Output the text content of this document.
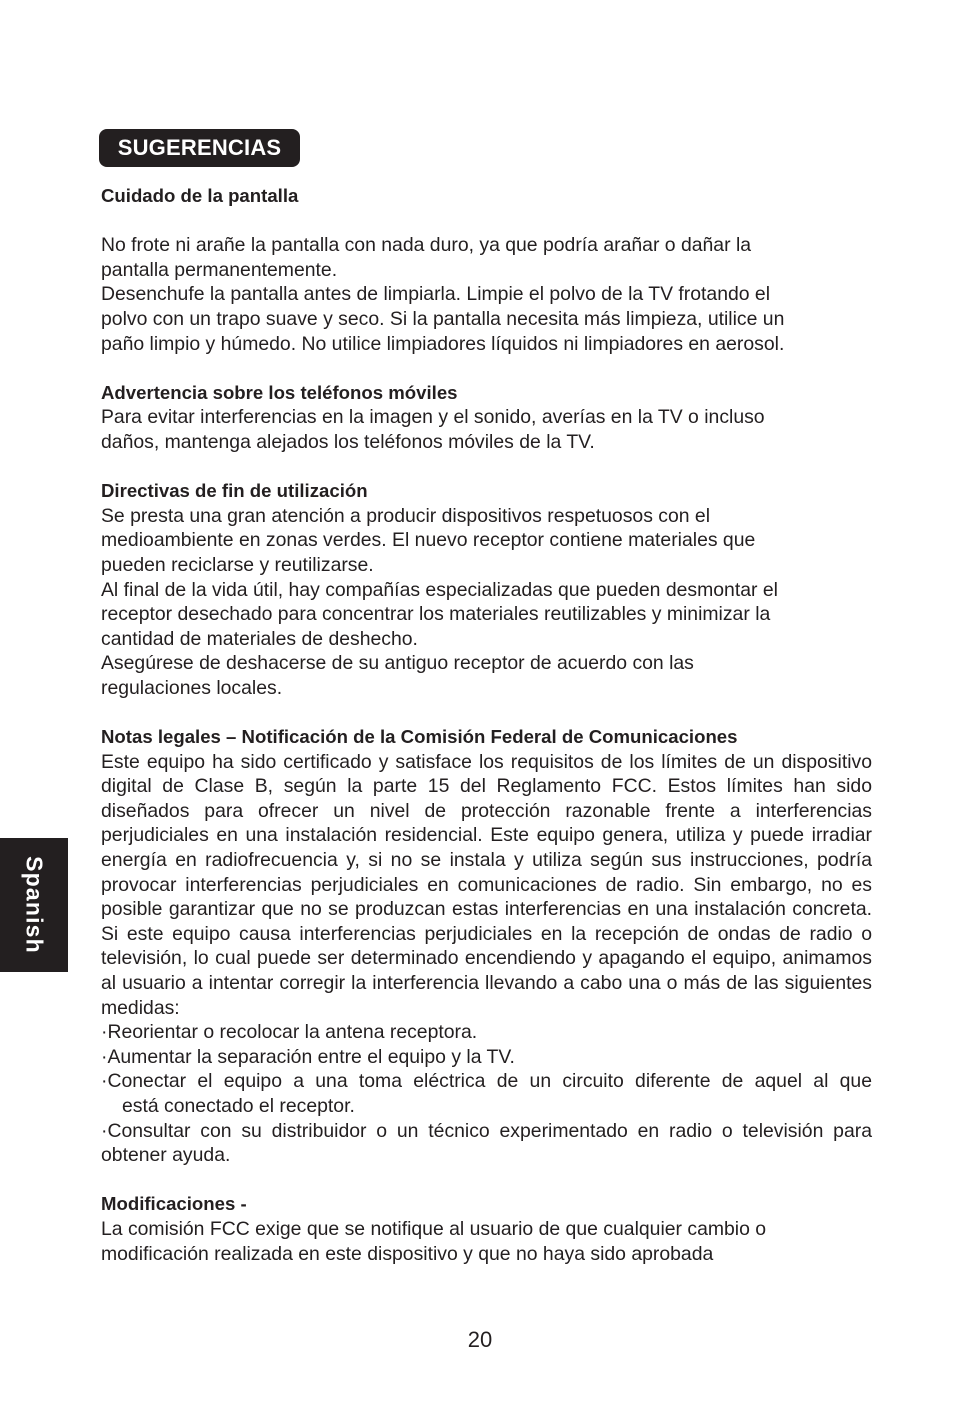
SUGERENCIAS

Cuidado de la pantalla

No frote ni arañe la pantalla con nada duro, ya que podría arañar o dañar la

pantalla permanentemente.

Desenchufe la pantalla antes de limpiarla. Limpie el polvo de la TV frotando el

polvo con un trapo suave y seco. Si la pantalla necesita más limpieza, utilice un

paño limpio y húmedo. No utilice limpiadores líquidos ni limpiadores en aerosol.

Advertencia sobre los teléfonos móviles

Para evitar interferencias en la imagen y el sonido, averías en la TV o incluso

daños, mantenga alejados los teléfonos móviles de la TV.

Directivas de fin de utilización

Se presta una gran atención a producir dispositivos respetuosos con el

medioambiente en zonas verdes. El nuevo receptor contiene materiales que

pueden reciclarse y reutilizarse.

Al final de la vida útil, hay compañías especializadas que pueden desmontar el

receptor desechado para concentrar los materiales reutilizables y minimizar la

cantidad de materiales de deshecho.

Asegúrese de deshacerse de su antiguo receptor de acuerdo con las

regulaciones locales.

Notas legales – Notificación de la Comisión Federal de Comunicaciones

Este equipo ha sido certificado y satisface los requisitos de los límites de un dispositivo digital de Clase B, según la parte 15 del Reglamento FCC. Estos límites han sido diseñados para ofrecer un nivel de protección razonable frente a interferencias perjudiciales en una instalación residencial. Este equipo genera, utiliza y puede irradiar energía en radiofrecuencia y, si no se instala y utiliza según sus instrucciones, podría provocar interferencias perjudiciales en comunicaciones de radio. Sin embargo, no es posible garantizar que no se produzcan estas interferencias en una instalación concreta. Si este equipo causa interferencias perjudiciales en la recepción de ondas de radio o televisión, lo cual puede ser determinado encendiendo y apagando el equipo, animamos al usuario a intentar corregir la interferencia llevando a cabo una o más de las siguientes medidas:

·Reorientar o recolocar la antena receptora.

·Aumentar la separación entre el equipo y la TV.

·Conectar el equipo a una toma eléctrica de un circuito diferente de aquel al que

está conectado el receptor.

·Consultar con su distribuidor o un técnico experimentado en radio o televisión para obtener ayuda.

Modificaciones -

La comisión FCC exige que se notifique al usuario de que cualquier cambio o

modificación realizada en este dispositivo y que no haya sido aprobada

Spanish
20
